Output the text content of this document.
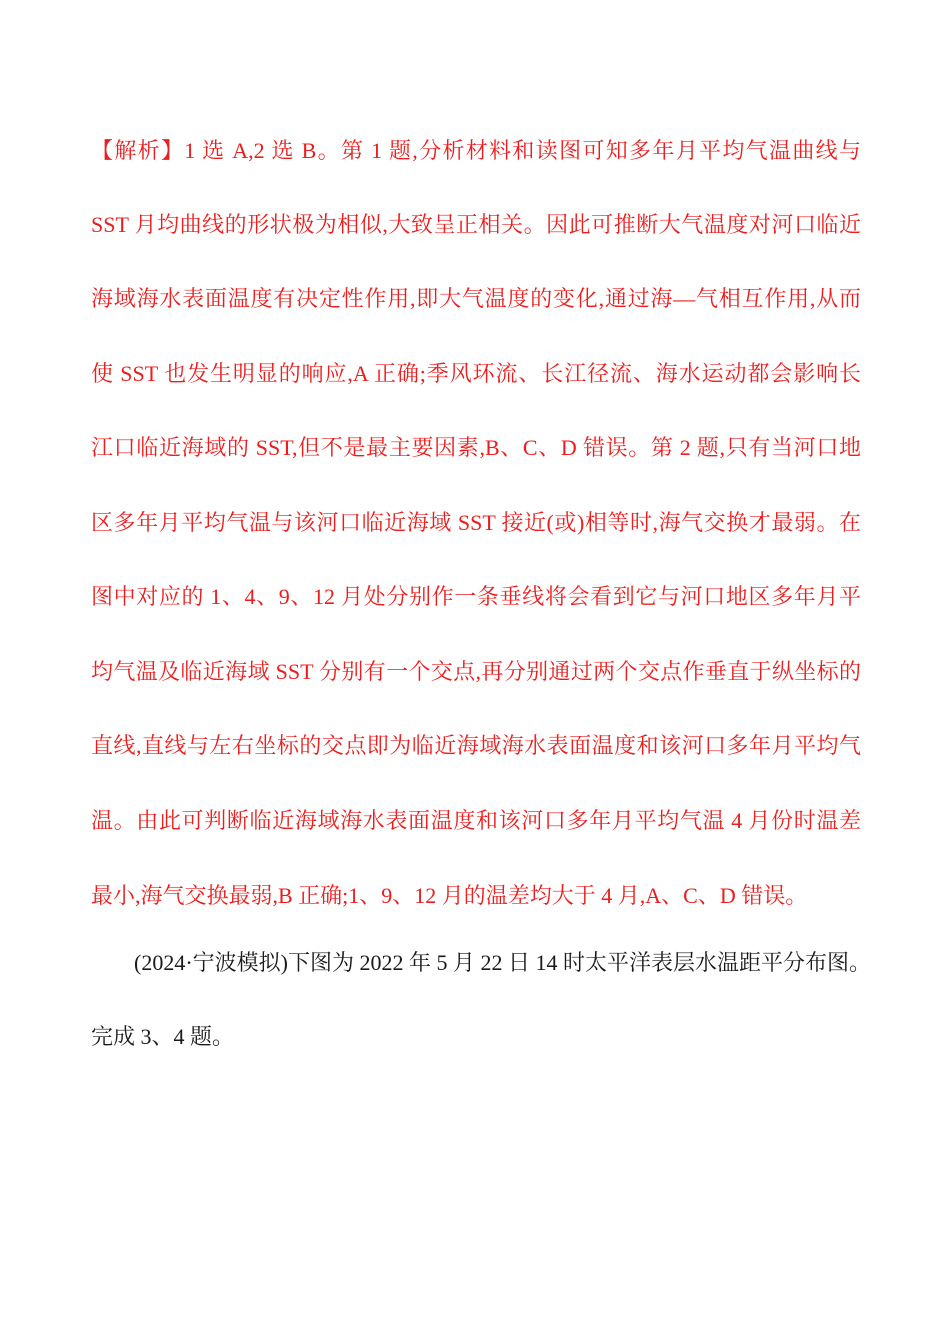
【解析】1 选 A,2 选 B。第 1 题,分析材料和读图可知多年月平均气温曲线与
SST 月均曲线的形状极为相似,大致呈正相关。因此可推断大气温度对河口临近
海域海水表面温度有决定性作用,即大气温度的变化,通过海—气相互作用,从而
使 SST 也发生明显的响应,A 正确;季风环流、长江径流、海水运动都会影响长
江口临近海域的 SST,但不是最主要因素,B、C、D 错误。第 2 题,只有当河口地
区多年月平均气温与该河口临近海域 SST 接近(或)相等时,海气交换才最弱。在
图中对应的 1、4、9、12 月处分别作一条垂线将会看到它与河口地区多年月平
均气温及临近海域 SST 分别有一个交点,再分别通过两个交点作垂直于纵坐标的
直线,直线与左右坐标的交点即为临近海域海水表面温度和该河口多年月平均气
温。由此可判断临近海域海水表面温度和该河口多年月平均气温 4 月份时温差
最小,海气交换最弱,B 正确;1、9、12 月的温差均大于 4 月,A、C、D 错误。
(2024·宁波模拟)下图为 2022 年 5 月 22 日 14 时太平洋表层水温距平分布图。
完成 3、4 题。
